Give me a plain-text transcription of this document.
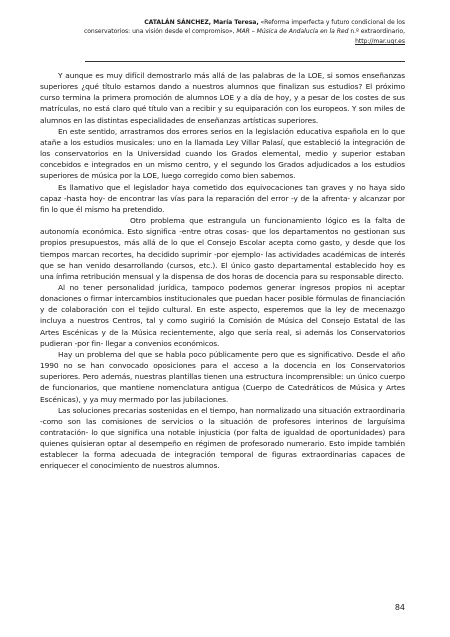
CATALÁN SÁNCHEZ, María Teresa, «Reforma imperfecta y futuro condicional de los
conservatorios: una visión desde el compromiso», MAR – Música de Andalucía en la Red n.º extraordinario,
http://mar.ugr.es

Y aunque es muy difícil demostrarlo más allá de las palabras de la LOE, si somos enseñanzas superiores ¿qué título estamos dando a nuestros alumnos que finalizan sus estudios? El próximo curso termina la primera promoción de alumnos LOE y a día de hoy, y a pesar de los costes de sus matrículas, no está claro qué título van a recibir y su equiparación con los europeos. Y son miles de alumnos en las distintas especialidades de enseñanzas artísticas superiores.

En este sentido, arrastramos dos errores serios en la legislación educativa española en lo que atañe a los estudios musicales: uno en la llamada Ley Villar Palasí, que estableció la integración de los conservatorios en la Universidad cuando los Grados elemental, medio y superior estaban concebidos e integrados en un mismo centro, y el segundo los Grados adjudicados a los estudios superiores de música por la LOE, luego corregido como bien sabemos.

Es llamativo que el legislador haya cometido dos equivocaciones tan graves y no haya sido capaz -hasta hoy- de encontrar las vías para la reparación del error -y de la afrenta- y alcanzar por fin lo que él mismo ha pretendido.

Otro problema que estrangula un funcionamiento lógico es la falta de autonomía económica. Esto significa -entre otras cosas- que los departamentos no gestionan sus propios presupuestos, más allá de lo que el Consejo Escolar acepta como gasto, y desde que los tiempos marcan recortes, ha decidido suprimir -por ejemplo- las actividades académicas de interés que se han venido desarrollando (cursos, etc.). El único gasto departamental establecido hoy es una ínfima retribución mensual y la dispensa de dos horas de docencia para su responsable directo.

Al no tener personalidad jurídica, tampoco podemos generar ingresos propios ni aceptar donaciones o firmar intercambios institucionales que puedan hacer posible fórmulas de financiación y de colaboración con el tejido cultural. En este aspecto, esperemos que la ley de mecenazgo incluya a nuestros Centros, tal y como sugirió la Comisión de Música del Consejo Estatal de las Artes Escénicas y de la Música recientemente, algo que sería real, si además los Conservatorios pudieran -por fin- llegar a convenios económicos.

Hay un problema del que se habla poco públicamente pero que es significativo. Desde el año 1990 no se han convocado oposiciones para el acceso a la docencia en los Conservatorios superiores. Pero además, nuestras plantillas tienen una estructura incomprensible: un único cuerpo de funcionarios, que mantiene nomenclatura antigua (Cuerpo de Catedráticos de Música y Artes Escénicas), y ya muy mermado por las jubilaciones.

Las soluciones precarias sostenidas en el tiempo, han normalizado una situación extraordinaria -como son las comisiones de servicios o la situación de profesores interinos de larguísima contratación- lo que significa una notable injusticia (por falta de igualdad de oportunidades) para quienes quisieran optar al desempeño en régimen de profesorado numerario. Esto impide también establecer la forma adecuada de integración temporal de figuras extraordinarias capaces de enriquecer el conocimiento de nuestros alumnos.

84
